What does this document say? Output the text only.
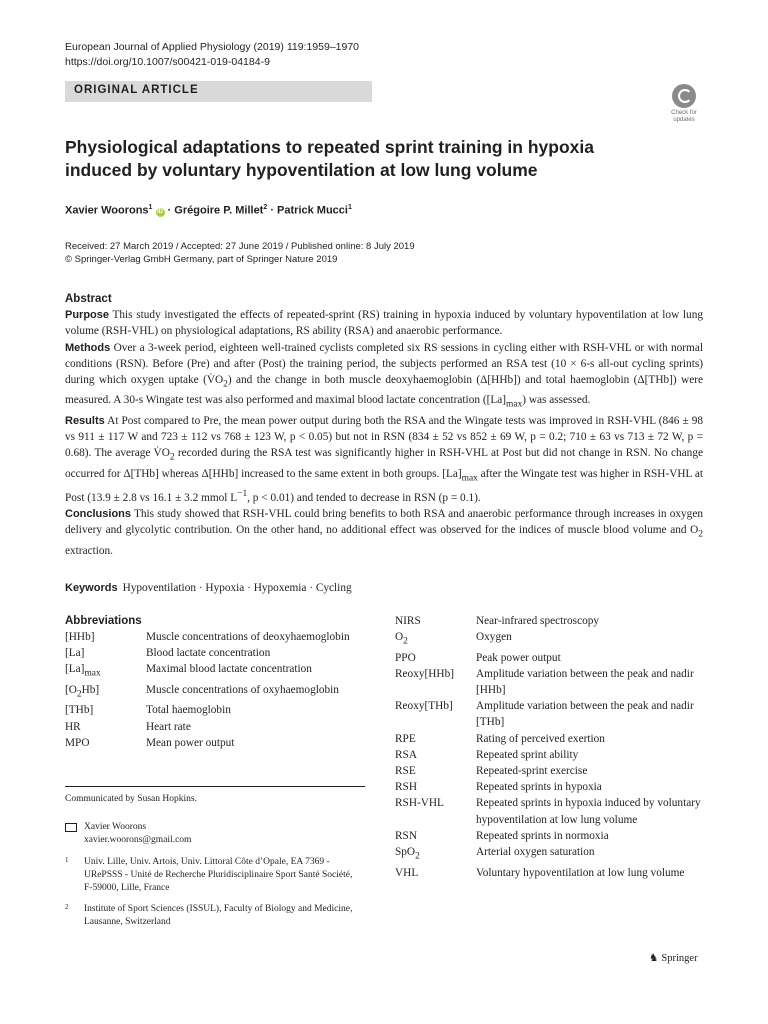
European Journal of Applied Physiology (2019) 119:1959–1970
https://doi.org/10.1007/s00421-019-04184-9
ORIGINAL ARTICLE
Check for updates
Physiological adaptations to repeated sprint training in hypoxia induced by voluntary hypoventilation at low lung volume
Xavier Woorons$^1$ iD · Grégoire P. Millet$^2$ · Patrick Mucci$^1$
Received: 27 March 2019 / Accepted: 27 June 2019 / Published online: 8 July 2019
© Springer-Verlag GmbH Germany, part of Springer Nature 2019
Abstract

Purpose This study investigated the effects of repeated-sprint (RS) training in hypoxia induced by voluntary hypoventilation at low lung volume (RSH-VHL) on physiological adaptations, RS ability (RSA) and anaerobic performance.

Methods Over a 3-week period, eighteen well-trained cyclists completed six RS sessions in cycling either with RSH-VHL or with normal conditions (RSN). Before (Pre) and after (Post) the training period, the subjects performed an RSA test (10 × 6-s all-out cycling sprints) during which oxygen uptake $(V̇O_2)$ and the change in both muscle deoxyhaemoglobin (Δ[HHb]) and total haemoglobin (Δ[THb]) were measured. A 30-s Wingate test was also performed and maximal blood lactate concentration $([La]_{max})$ was assessed.

Results At Post compared to Pre, the mean power output during both the RSA and the Wingate tests was improved in RSH-VHL (846 ± 98 vs 911 ± 117 W and 723 ± 112 vs 768 ± 123 W, p < 0.05) but not in RSN (834 ± 52 vs 852 ± 69 W, p = 0.2; 710 ± 63 vs 713 ± 72 W, p = 0.68). The average $V̇O_2$ recorded during the RSA test was significantly higher in RSH-VHL at Post but did not change in RSN. No change occurred for Δ[THb] whereas Δ[HHb] increased to the same extent in both groups. $[La]_{max}$ after the Wingate test was higher in RSH-VHL at Post (13.9 ± 2.8 vs 16.1 ± 3.2 mmol $L^{-1}$, p < 0.01) and tended to decrease in RSN (p = 0.1).

Conclusions This study showed that RSH-VHL could bring benefits to both RSA and anaerobic performance through increases in oxygen delivery and glycolytic contribution. On the other hand, no additional effect was observed for the indices of muscle blood volume and $O_2$ extraction.

Keywords Hypoventilation · Hypoxia · Hypoxemia · Cycling
Abbreviations
[HHb]	Muscle concentrations of deoxyhaemoglobin
[La]	Blood lactate concentration
$[La]_{max}$	Maximal blood lactate concentration
$[O_2Hb]$	Muscle concentrations of oxyhaemoglobin
[THb]	Total haemoglobin
HR	Heart rate
MPO	Mean power output
NIRS	Near-infrared spectroscopy
$O_2$	Oxygen
PPO	Peak power output
Reoxy[HHb]	Amplitude variation between the peak and nadir [HHb]
Reoxy[THb]	Amplitude variation between the peak and nadir [THb]
RPE	Rating of perceived exertion
RSA	Repeated sprint ability
RSE	Repeated-sprint exercise
RSH	Repeated sprints in hypoxia
RSH-VHL	Repeated sprints in hypoxia induced by voluntary hypoventilation at low lung volume
RSN	Repeated sprints in normoxia
SpO$_2$	Arterial oxygen saturation
VHL	Voluntary hypoventilation at low lung volume
Communicated by Susan Hopkins.
Xavier Woorons
xavier.woorons@gmail.com
1 Univ. Lille, Univ. Artois, Univ. Littoral Côte d’Opale, EA 7369 - URePSSS - Unité de Recherche Pluridisciplinaire Sport Santé Société, F-59000, Lille, France
2 Institute of Sport Sciences (ISSUL), Faculty of Biology and Medicine, Lausanne, Switzerland
♞ Springer
